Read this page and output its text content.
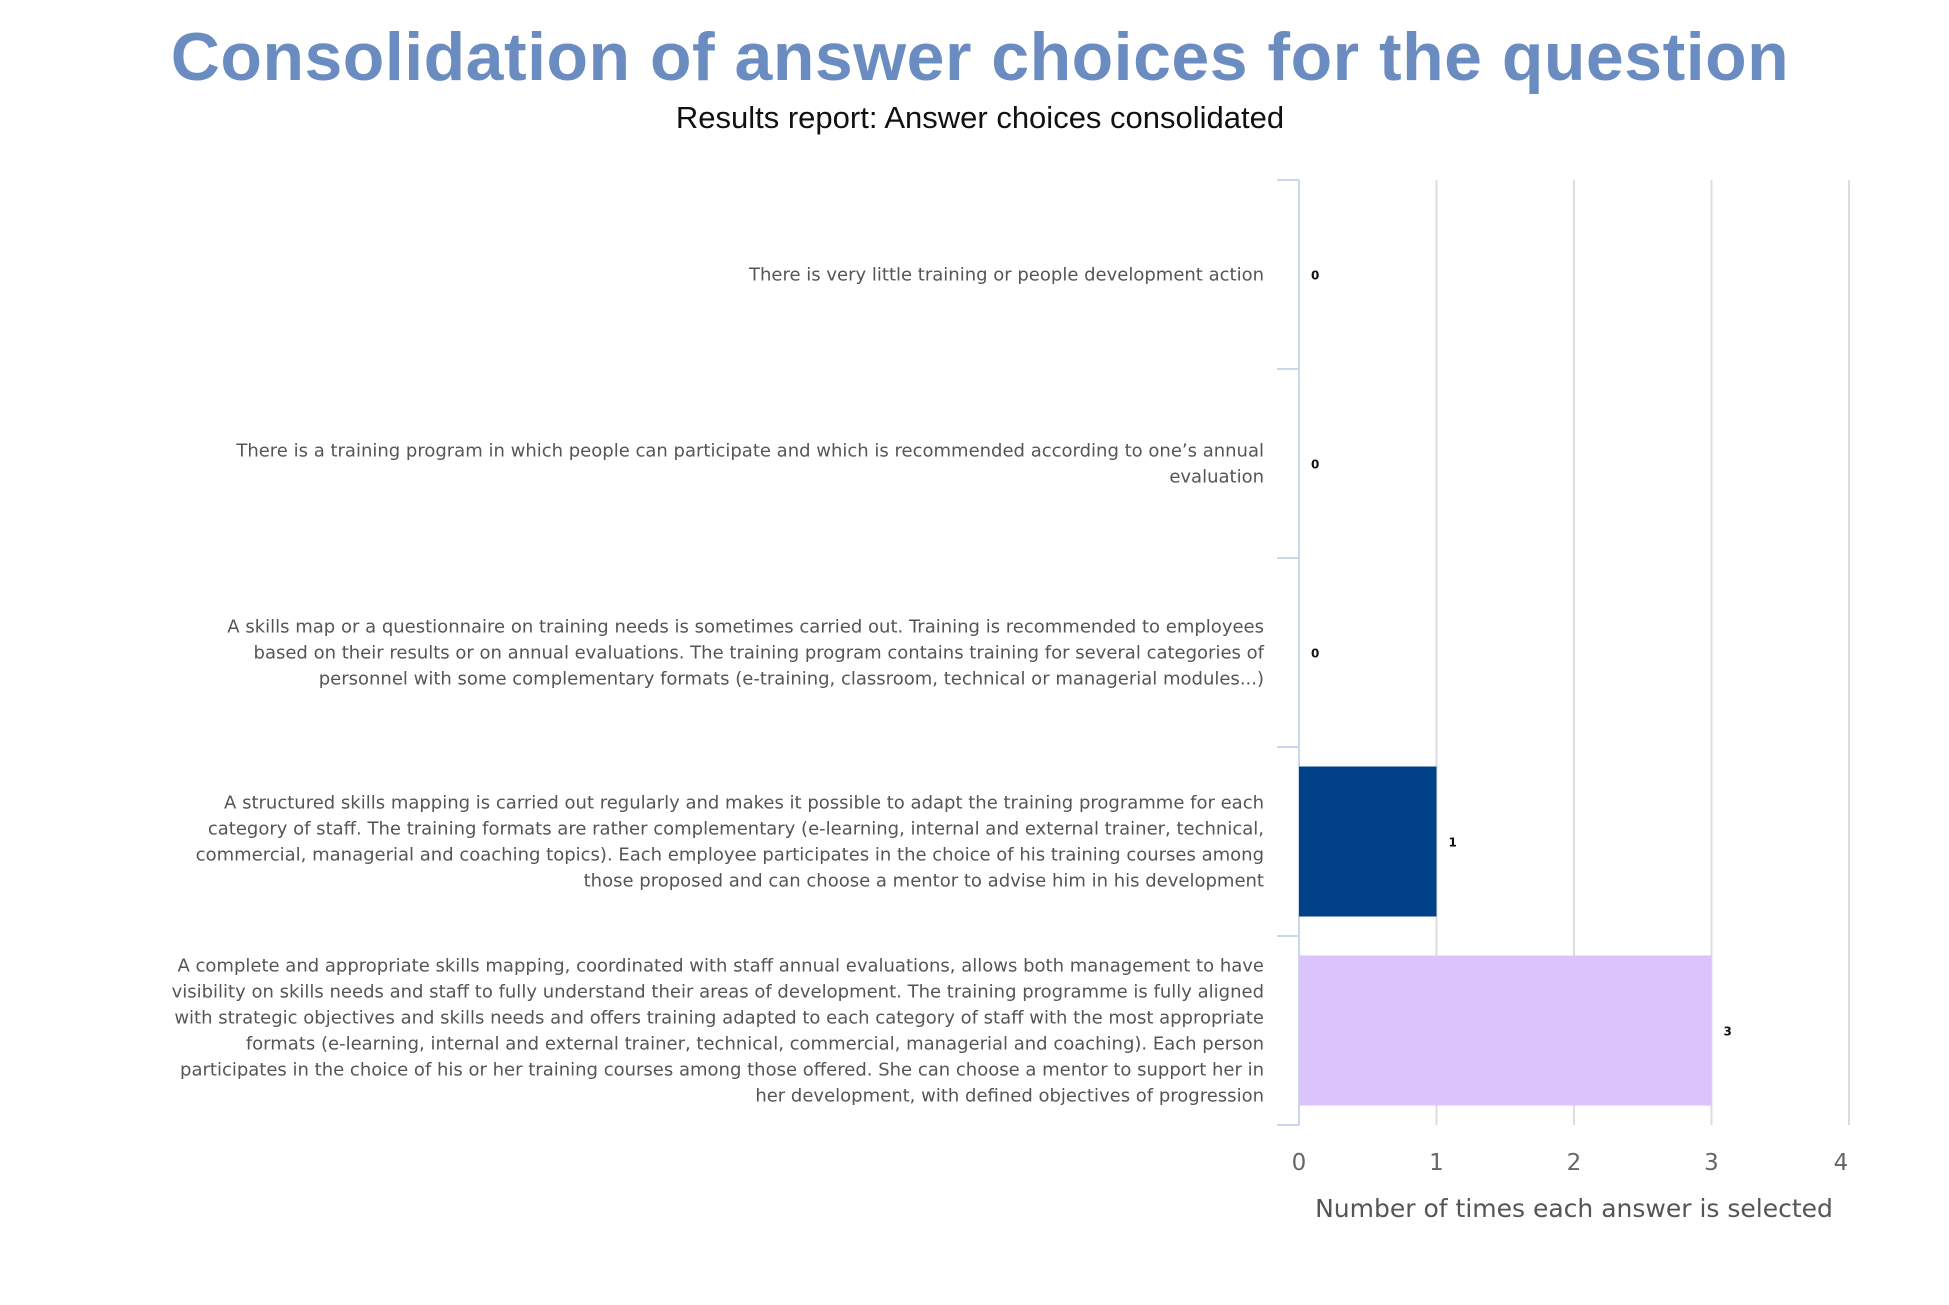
Consolidation of answer choices for the question
Results report: Answer choices consolidated
0
0
0
1
3
There is very little training or people development action
There is a training program in which people can participate and which is recommended according to one’s annual evaluation
A skills map or a questionnaire on training needs is sometimes carried out. Training is recommended to employees based on their results or on annual evaluations. The training program contains training for several categories of personnel with some complementary formats (e-training, classroom, technical or managerial modules...)
A structured skills mapping is carried out regularly and makes it possible to adapt the training programme for each category of staff. The training formats are rather complementary (e-learning, internal and external trainer, technical, commercial, managerial and coaching topics). Each employee participates in the choice of his training courses among those proposed and can choose a mentor to advise him in his development
A complete and appropriate skills mapping, coordinated with staff annual evaluations, allows both management to have visibility on skills needs and staff to fully understand their areas of development. The training programme is fully aligned with strategic objectives and skills needs and offers training adapted to each category of staff with the most appropriate formats (e-learning, internal and external trainer, technical, commercial, managerial and coaching). Each person participates in the choice of his or her training courses among those offered. She can choose a mentor to support her in her development, with defined objectives of progression
0	1	2	3	4
Number of times each answer is selected
